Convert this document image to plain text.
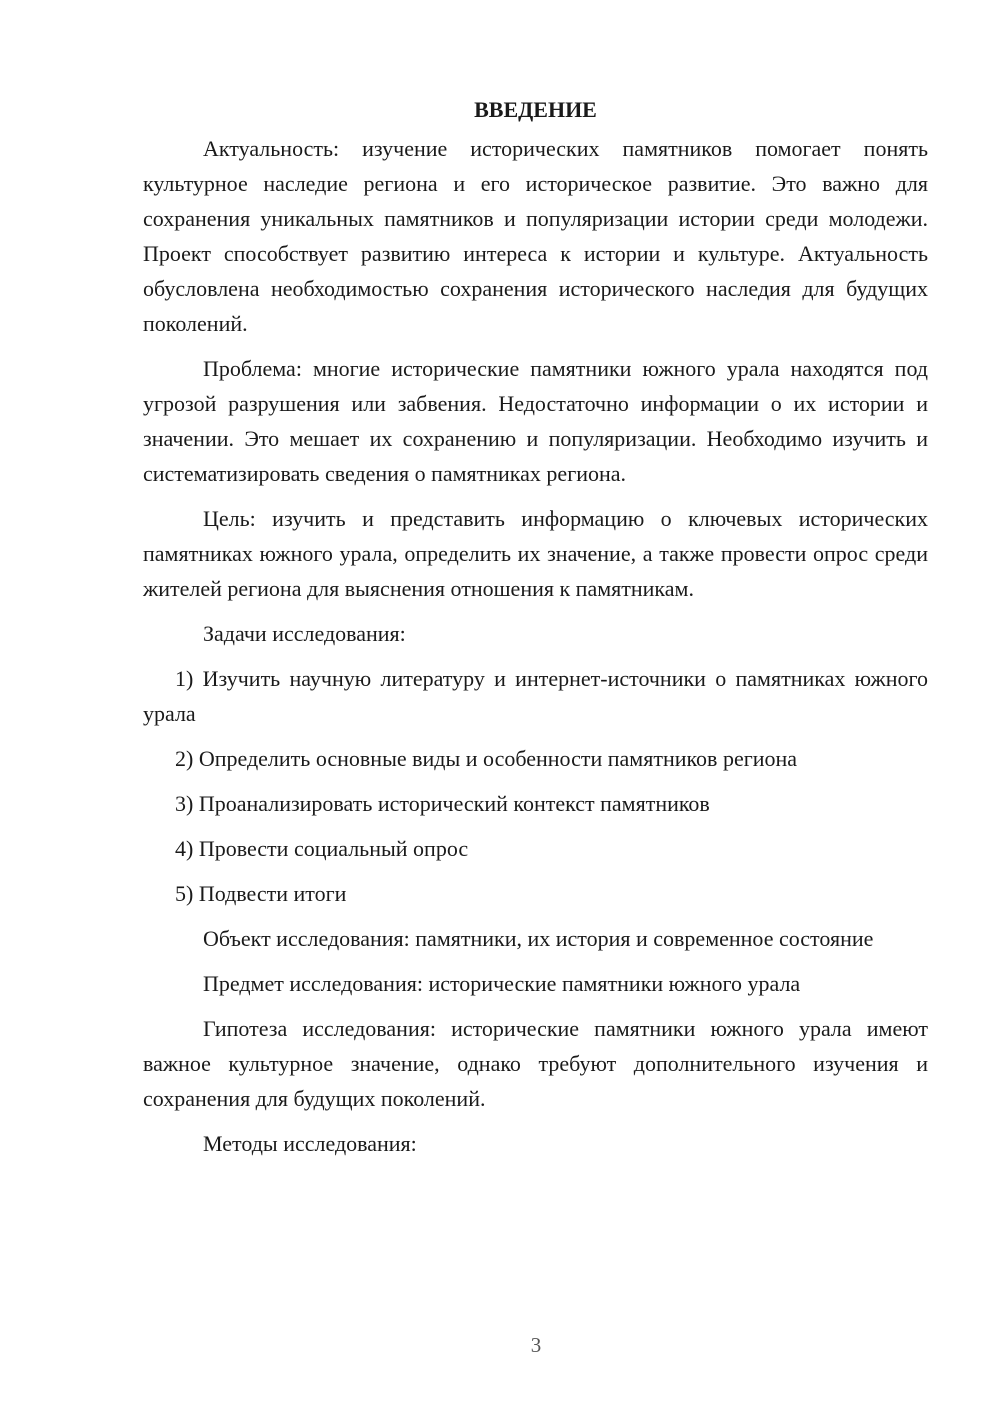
ВВЕДЕНИЕ

Актуальность: изучение исторических памятников помогает понять культурное наследие региона и его историческое развитие. Это важно для сохранения уникальных памятников и популяризации истории среди молодежи. Проект способствует развитию интереса к истории и культуре. Актуальность обусловлена необходимостью сохранения исторического наследия для будущих поколений.

Проблема: многие исторические памятники южного урала находятся под угрозой разрушения или забвения. Недостаточно информации о их истории и значении. Это мешает их сохранению и популяризации. Необходимо изучить и систематизировать сведения о памятниках региона.

Цель: изучить и представить информацию о ключевых исторических памятниках южного урала, определить их значение, а также провести опрос среди жителей региона для выяснения отношения к памятникам.

Задачи исследования:

1) Изучить научную литературу и интернет-источники о памятниках южного урала

2) Определить основные виды и особенности памятников региона

3) Проанализировать исторический контекст памятников

4) Провести социальный опрос

5) Подвести итоги

Объект исследования: памятники, их история и современное состояние

Предмет исследования: исторические памятники южного урала

Гипотеза исследования: исторические памятники южного урала имеют важное культурное значение, однако требуют дополнительного изучения и сохранения для будущих поколений.

Методы исследования:

3
